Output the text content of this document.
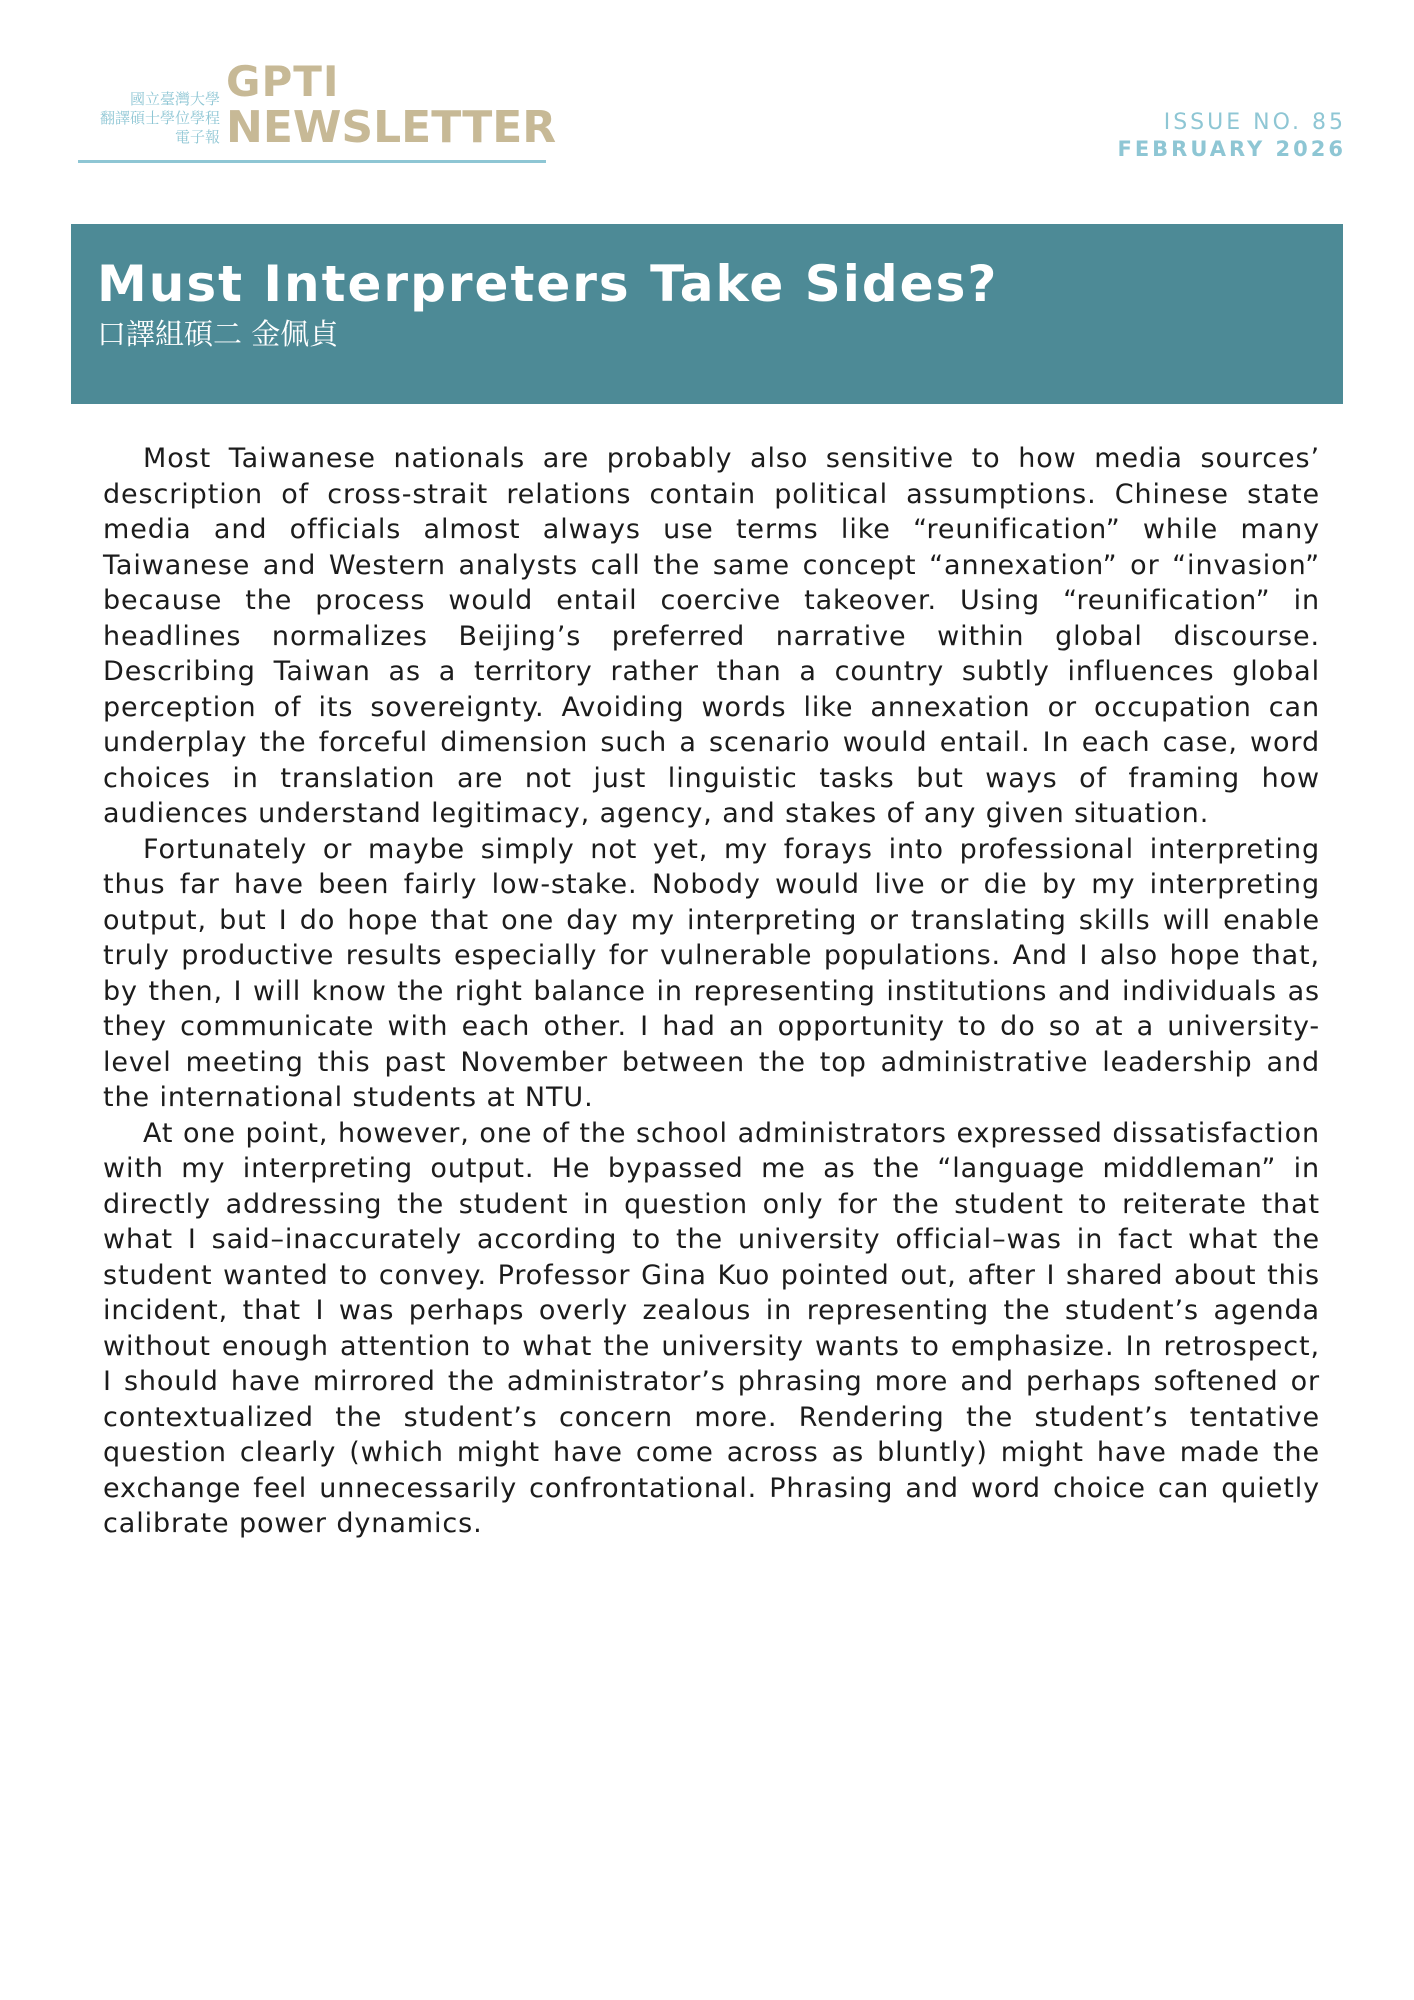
國立臺灣大學
翻譯碩士學位學程
電子報
GPTI
NEWSLETTER	ISSUE NO. 85
FEBRUARY 2026
Must Interpreters Take Sides?
口譯組碩二 金佩貞

Most Taiwanese nationals are probably also sensitive to how media sources’ description of cross-strait relations contain political assumptions. Chinese state media and officials almost always use terms like “reunification” while many Taiwanese and Western analysts call the same concept “annexation” or “invasion” because the process would entail coercive takeover. Using “reunification” in headlines normalizes Beijing’s preferred narrative within global discourse. Describing Taiwan as a territory rather than a country subtly influences global perception of its sovereignty. Avoiding words like annexation or occupation can underplay the forceful dimension such a scenario would entail. In each case, word choices in translation are not just linguistic tasks but ways of framing how audiences understand legitimacy, agency, and stakes of any given situation.

Fortunately or maybe simply not yet, my forays into professional interpreting thus far have been fairly low-stake. Nobody would live or die by my interpreting output, but I do hope that one day my interpreting or translating skills will enable truly productive results especially for vulnerable populations. And I also hope that, by then, I will know the right balance in representing institutions and individuals as they communicate with each other. I had an opportunity to do so at a university-level meeting this past November between the top administrative leadership and the international students at NTU.

At one point, however, one of the school administrators expressed dissatisfaction with my interpreting output. He bypassed me as the “language middleman” in directly addressing the student in question only for the student to reiterate that what I said–inaccurately according to the university official–was in fact what the student wanted to convey. Professor Gina Kuo pointed out, after I shared about this incident, that I was perhaps overly zealous in representing the student’s agenda without enough attention to what the university wants to emphasize. In retrospect, I should have mirrored the administrator’s phrasing more and perhaps softened or contextualized the student’s concern more. Rendering the student’s tentative question clearly (which might have come across as bluntly) might have made the exchange feel unnecessarily confrontational. Phrasing and word choice can quietly calibrate power dynamics.
